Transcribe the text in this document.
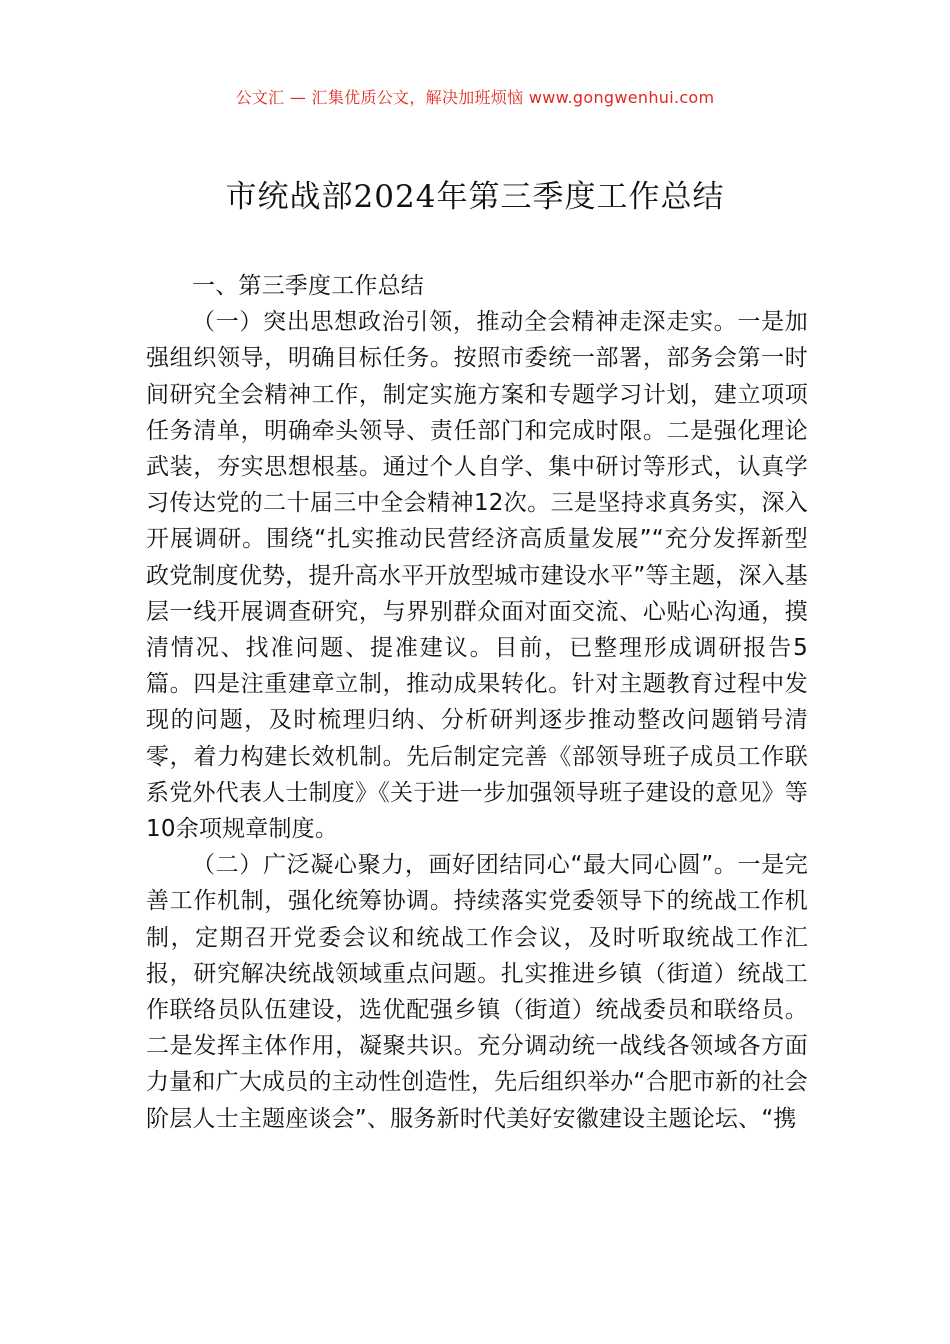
公文汇 — 汇集优质公文，解决加班烦恼 www.gongwenhui.com
市统战部2024年第三季度工作总结

一、第三季度工作总结

（一）突出思想政治引领，推动全会精神走深走实。一是加强组织领导，明确目标任务。按照市委统一部署，部务会第一时间研究全会精神工作，制定实施方案和专题学习计划，建立项项任务清单，明确牵头领导、责任部门和完成时限。二是强化理论武装，夯实思想根基。通过个人自学、集中研讨等形式，认真学习传达党的二十届三中全会精神12次。三是坚持求真务实，深入开展调研。围绕“扎实推动民营经济高质量发展”“充分发挥新型政党制度优势，提升高水平开放型城市建设水平”等主题，深入基层一线开展调查研究，与界别群众面对面交流、心贴心沟通，摸清情况、找准问题、提准建议。目前，已整理形成调研报告5篇。四是注重建章立制，推动成果转化。针对主题教育过程中发现的问题，及时梳理归纳、分析研判逐步推动整改问题销号清零，着力构建长效机制。先后制定完善《部领导班子成员工作联系党外代表人士制度》《关于进一步加强领导班子建设的意见》等10余项规章制度。

（二）广泛凝心聚力，画好团结同心“最大同心圆”。一是完善工作机制，强化统筹协调。持续落实党委领导下的统战工作机制，定期召开党委会议和统战工作会议，及时听取统战工作汇报，研究解决统战领域重点问题。扎实推进乡镇（街道）统战工作联络员队伍建设，选优配强乡镇（街道）统战委员和联络员。二是发挥主体作用，凝聚共识。充分调动统一战线各领域各方面力量和广大成员的主动性创造性，先后组织举办“合肥市新的社会阶层人士主题座谈会”、服务新时代美好安徽建设主题论坛、“携
